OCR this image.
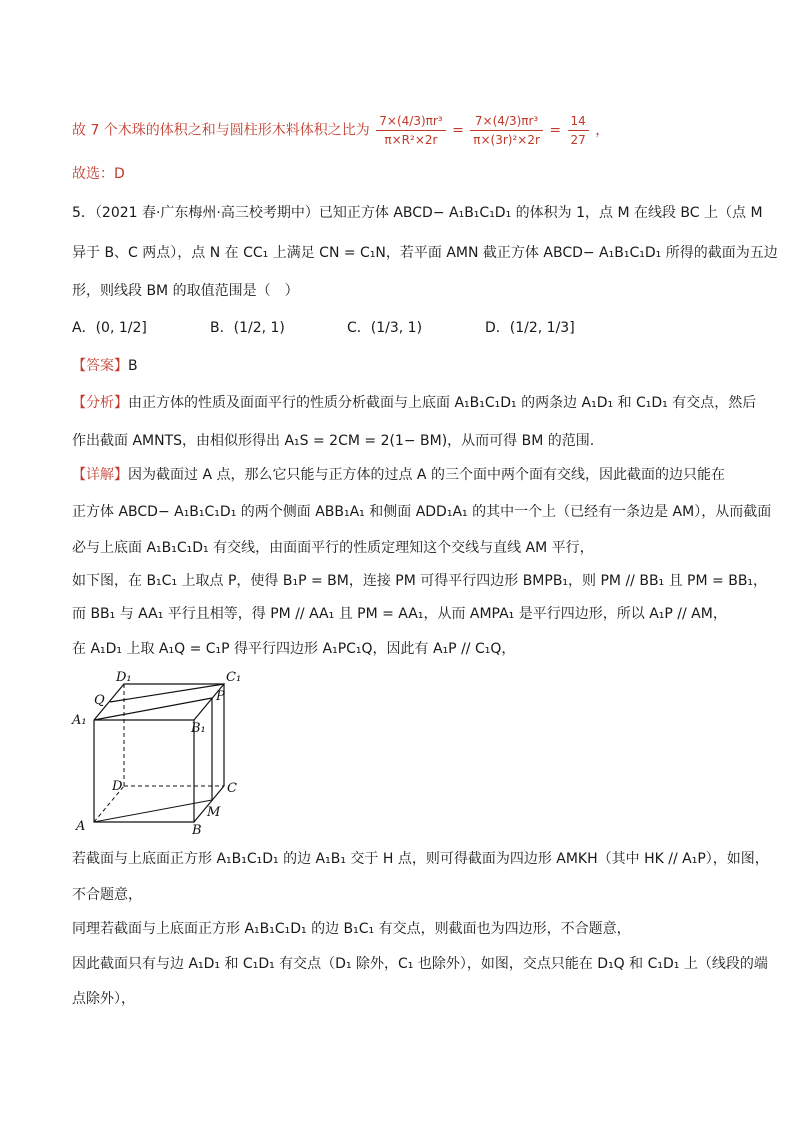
故 7 个木珠的体积之和与圆柱形木料体积之比为 $\frac{\text{7×(4/3)πr³}}{\text{π×R²×2r}} = \frac{\text{7×(4/3)πr³}}{\text{π×(3r)²×2r}} = \frac{14}{27}$ ，
故选：D
5．（2021 春·广东梅州·高三校考期中）已知正方体 ABCD− A₁B₁C₁D₁ 的体积为 1，点 M 在线段 BC 上（点 M
异于 B、C 两点），点 N 在 CC₁ 上满足 CN = C₁N，若平面 AMN 截正方体 ABCD− A₁B₁C₁D₁ 所得的截面为五边
形，则线段 BM 的取值范围是（　）
A．(0, 1/2]	B．(1/2, 1)	C．(1/3, 1)	D．(1/2, 1/3]
【答案】B
【分析】由正方体的性质及面面平行的性质分析截面与上底面 A₁B₁C₁D₁ 的两条边 A₁D₁ 和 C₁D₁ 有交点，然后
作出截面 AMNTS，由相似形得出 A₁S = 2CM = 2(1− BM)，从而可得 BM 的范围.
【详解】因为截面过 A 点，那么它只能与正方体的过点 A 的三个面中两个面有交线，因此截面的边只能在
正方体 ABCD− A₁B₁C₁D₁ 的两个侧面 ABB₁A₁ 和侧面 ADD₁A₁ 的其中一个上（已经有一条边是 AM），从而截面
必与上底面 A₁B₁C₁D₁ 有交线，由面面平行的性质定理知这个交线与直线 AM 平行，
如下图，在 B₁C₁ 上取点 P，使得 B₁P = BM，连接 PM 可得平行四边形 BMPB₁，则 PM // BB₁ 且 PM = BB₁，
而 BB₁ 与 AA₁ 平行且相等，得 PM // AA₁ 且 PM = AA₁，从而 AMPA₁ 是平行四边形，所以 A₁P // AM，
在 A₁D₁ 上取 A₁Q = C₁P 得平行四边形 A₁PC₁Q，因此有 A₁P // C₁Q，
D₁	C₁
Q	P
A₁
B₁
D	C
M
A	B
若截面与上底面正方形 A₁B₁C₁D₁ 的边 A₁B₁ 交于 H 点，则可得截面为四边形 AMKH（其中 HK // A₁P），如图，
不合题意，
同理若截面与上底面正方形 A₁B₁C₁D₁ 的边 B₁C₁ 有交点，则截面也为四边形，不合题意，
因此截面只有与边 A₁D₁ 和 C₁D₁ 有交点（D₁ 除外，C₁ 也除外），如图，交点只能在 D₁Q 和 C₁D₁ 上（线段的端
点除外），
